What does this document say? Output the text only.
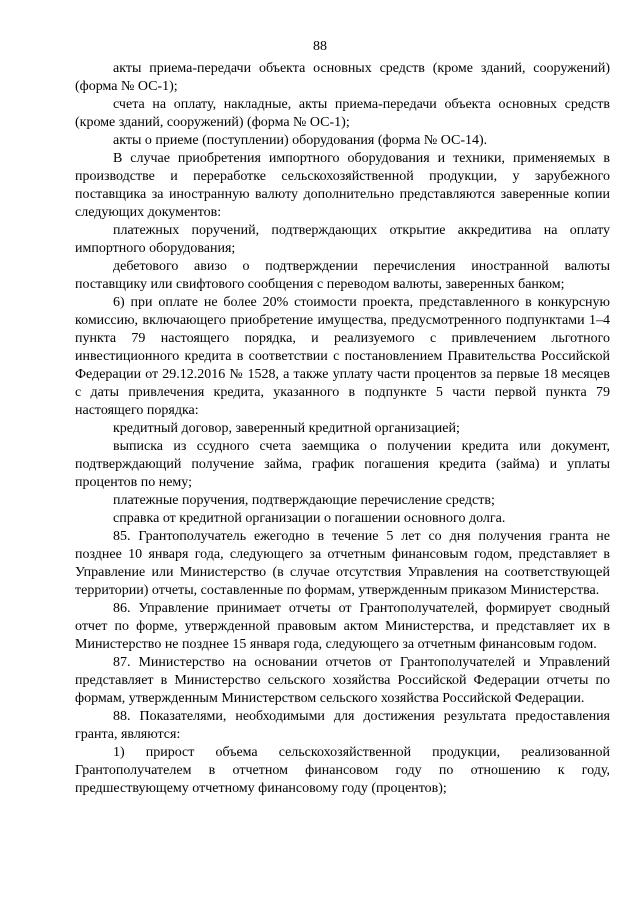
88

акты приема-передачи объекта основных средств (кроме зданий, сооружений) (форма № ОС-1);

счета на оплату, накладные, акты приема-передачи объекта основных средств (кроме зданий, сооружений) (форма № ОС-1);

акты о приеме (поступлении) оборудования (форма № ОС-14).

В случае приобретения импортного оборудования и техники, применяемых в производстве и переработке сельскохозяйственной продукции, у зарубежного поставщика за иностранную валюту дополнительно представляются заверенные копии следующих документов:

платежных поручений, подтверждающих открытие аккредитива на оплату импортного оборудования;

дебетового авизо о подтверждении перечисления иностранной валюты поставщику или свифтового сообщения с переводом валюты, заверенных банком;

6) при оплате не более 20% стоимости проекта, представленного в конкурсную комиссию, включающего приобретение имущества, предусмотренного подпунктами 1–4 пункта 79 настоящего порядка, и реализуемого с привлечением льготного инвестиционного кредита в соответствии с постановлением Правительства Российской Федерации от 29.12.2016 № 1528, а также уплату части процентов за первые 18 месяцев с даты привлечения кредита, указанного в подпункте 5 части первой пункта 79 настоящего порядка:

кредитный договор, заверенный кредитной организацией;

выписка из ссудного счета заемщика о получении кредита или документ, подтверждающий получение займа, график погашения кредита (займа) и уплаты процентов по нему;

платежные поручения, подтверждающие перечисление средств;

справка от кредитной организации о погашении основного долга.

85. Грантополучатель ежегодно в течение 5 лет со дня получения гранта не позднее 10 января года, следующего за отчетным финансовым годом, представляет в Управление или Министерство (в случае отсутствия Управления на соответствующей территории) отчеты, составленные по формам, утвержденным приказом Министерства.

86. Управление принимает отчеты от Грантополучателей, формирует сводный отчет по форме, утвержденной правовым актом Министерства, и представляет их в Министерство не позднее 15 января года, следующего за отчетным финансовым годом.

87. Министерство на основании отчетов от Грантополучателей и Управлений представляет в Министерство сельского хозяйства Российской Федерации отчеты по формам, утвержденным Министерством сельского хозяйства Российской Федерации.

88. Показателями, необходимыми для достижения результата предоставления гранта, являются:

1) прирост объема сельскохозяйственной продукции, реализованной Грантополучателем в отчетном финансовом году по отношению к году, предшествующему отчетному финансовому году (процентов);
